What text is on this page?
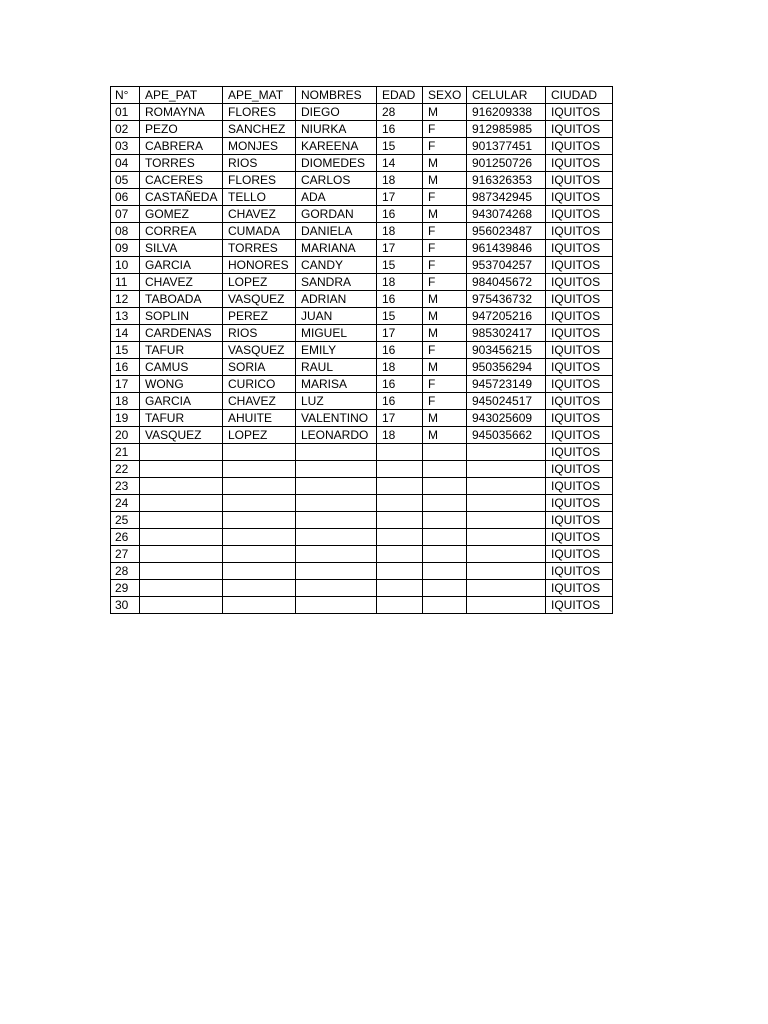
N°	APE_PAT	APE_MAT	NOMBRES	EDAD	SEXO	CELULAR	CIUDAD
01	ROMAYNA	FLORES	DIEGO	28	M	916209338	IQUITOS
02	PEZO	SANCHEZ	NIURKA	16	F	912985985	IQUITOS
03	CABRERA	MONJES	KAREENA	15	F	901377451	IQUITOS
04	TORRES	RIOS	DIOMEDES	14	M	901250726	IQUITOS
05	CACERES	FLORES	CARLOS	18	M	916326353	IQUITOS
06	CASTAÑEDA	TELLO	ADA	17	F	987342945	IQUITOS
07	GOMEZ	CHAVEZ	GORDAN	16	M	943074268	IQUITOS
08	CORREA	CUMADA	DANIELA	18	F	956023487	IQUITOS
09	SILVA	TORRES	MARIANA	17	F	961439846	IQUITOS
10	GARCIA	HONORES	CANDY	15	F	953704257	IQUITOS
11	CHAVEZ	LOPEZ	SANDRA	18	F	984045672	IQUITOS
12	TABOADA	VASQUEZ	ADRIAN	16	M	975436732	IQUITOS
13	SOPLIN	PEREZ	JUAN	15	M	947205216	IQUITOS
14	CARDENAS	RIOS	MIGUEL	17	M	985302417	IQUITOS
15	TAFUR	VASQUEZ	EMILY	16	F	903456215	IQUITOS
16	CAMUS	SORIA	RAUL	18	M	950356294	IQUITOS
17	WONG	CURICO	MARISA	16	F	945723149	IQUITOS
18	GARCIA	CHAVEZ	LUZ	16	F	945024517	IQUITOS
19	TAFUR	AHUITE	VALENTINO	17	M	943025609	IQUITOS
20	VASQUEZ	LOPEZ	LEONARDO	18	M	945035662	IQUITOS
21							IQUITOS
22							IQUITOS
23							IQUITOS
24							IQUITOS
25							IQUITOS
26							IQUITOS
27							IQUITOS
28							IQUITOS
29							IQUITOS
30							IQUITOS
